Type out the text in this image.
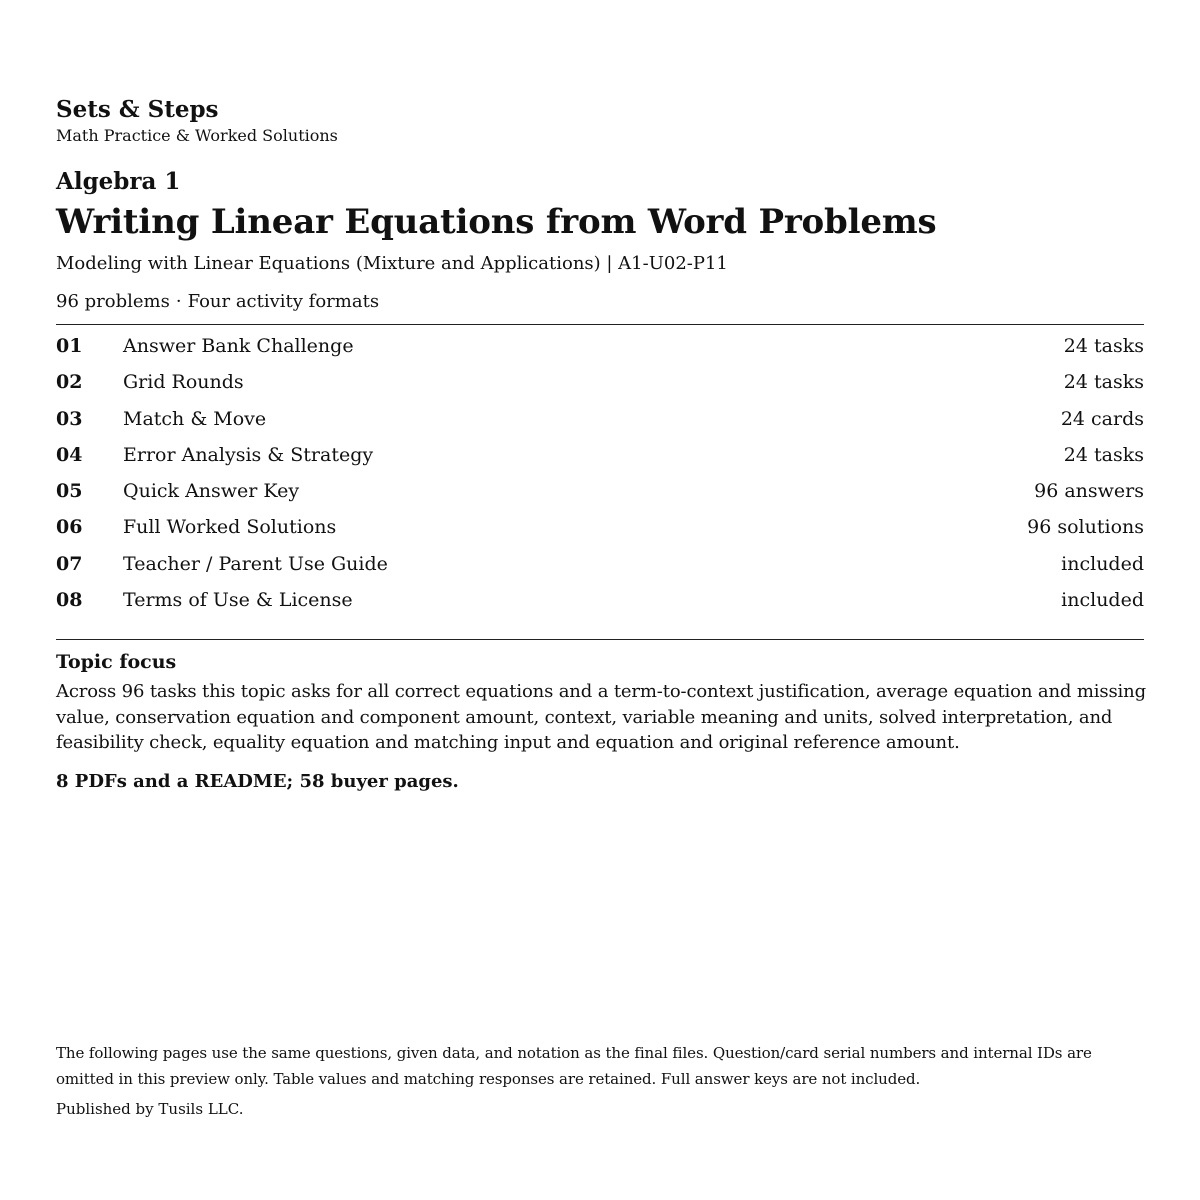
Sets & Steps
Math Practice & Worked Solutions
Algebra 1
Writing Linear Equations from Word Problems
Modeling with Linear Equations (Mixture and Applications) | A1-U02-P11
96 problems · Four activity formats
01	Answer Bank Challenge	24 tasks
02	Grid Rounds	24 tasks
03	Match & Move	24 cards
04	Error Analysis & Strategy	24 tasks
05	Quick Answer Key	96 answers
06	Full Worked Solutions	96 solutions
07	Teacher / Parent Use Guide	included
08	Terms of Use & License	included
Topic focus
Across 96 tasks this topic asks for all correct equations and a term-to-context justification, average equation and missing value, conservation equation and component amount, context, variable meaning and units, solved interpretation, and feasibility check, equality equation and matching input and equation and original reference amount.
8 PDFs and a README; 58 buyer pages.
The following pages use the same questions, given data, and notation as the final files. Question/card serial numbers and internal IDs are omitted in this preview only. Table values and matching responses are retained. Full answer keys are not included.
Published by Tusils LLC.
